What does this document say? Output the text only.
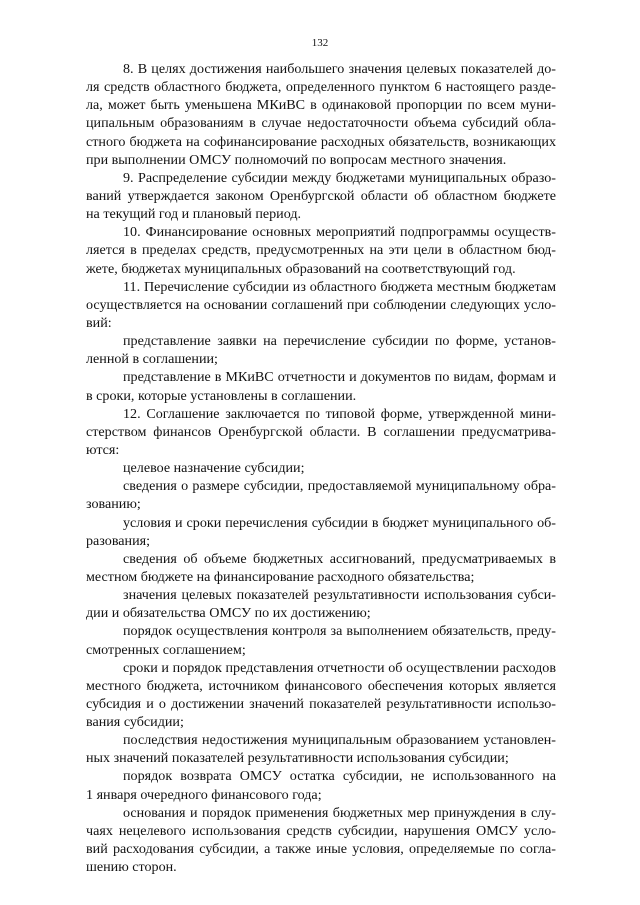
132
8. В целях достижения наибольшего значения целевых показателей до-
ля средств областного бюджета, определенного пунктом 6 настоящего разде-
ла, может быть уменьшена МКиВС в одинаковой пропорции по всем муни-
ципальным образованиям в случае недостаточности объема субсидий обла-
стного бюджета на софинансирование расходных обязательств, возникающих
при выполнении ОМСУ полномочий по вопросам местного значения.
9. Распределение субсидии между бюджетами муниципальных образо-
ваний утверждается законом Оренбургской области об областном бюджете
на текущий год и плановый период.
10. Финансирование основных мероприятий подпрограммы осуществ-
ляется в пределах средств, предусмотренных на эти цели в областном бюд-
жете, бюджетах муниципальных образований на соответствующий год.
11. Перечисление субсидии из областного бюджета местным бюджетам
осуществляется на основании соглашений при соблюдении следующих усло-
вий:
представление заявки на перечисление субсидии по форме, установ-
ленной в соглашении;
представление в МКиВС отчетности и документов по видам, формам и
в сроки, которые установлены в соглашении.
12. Соглашение заключается по типовой форме, утвержденной мини-
стерством финансов Оренбургской области. В соглашении предусматрива-
ются:
целевое назначение субсидии;
сведения о размере субсидии, предоставляемой муниципальному обра-
зованию;
условия и сроки перечисления субсидии в бюджет муниципального об-
разования;
сведения об объеме бюджетных ассигнований, предусматриваемых в
местном бюджете на финансирование расходного обязательства;
значения целевых показателей результативности использования субси-
дии и обязательства ОМСУ по их достижению;
порядок осуществления контроля за выполнением обязательств, преду-
смотренных соглашением;
сроки и порядок представления отчетности об осуществлении расходов
местного бюджета, источником финансового обеспечения которых является
субсидия и о достижении значений показателей результативности использо-
вания субсидии;
последствия недостижения муниципальным образованием установлен-
ных значений показателей результативности использования субсидии;
порядок возврата ОМСУ остатка субсидии, не использованного на
1 января очередного финансового года;
основания и порядок применения бюджетных мер принуждения в слу-
чаях нецелевого использования средств субсидии, нарушения ОМСУ усло-
вий расходования субсидии, а также иные условия, определяемые по согла-
шению сторон.
